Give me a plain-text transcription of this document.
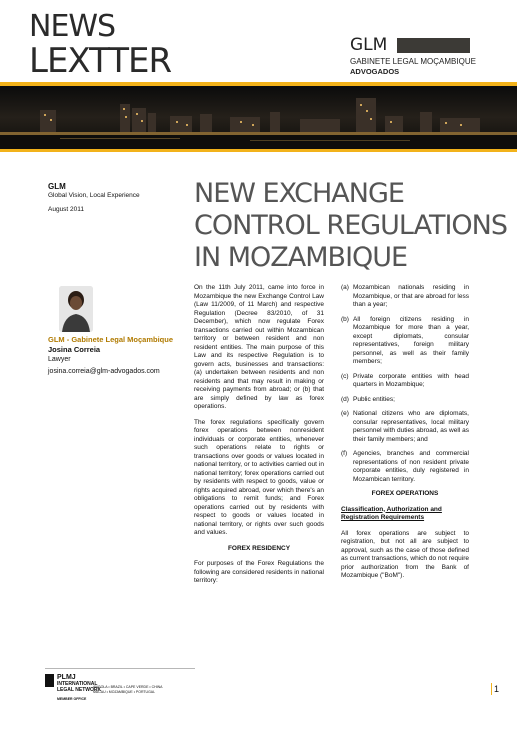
NEWS
LEXTTER	GLM
GABINETE LEGAL MOÇAMBIQUE
ADVOGADOS
GLM
Global Vision, Local Experience
August 2011
NEW EXCHANGE CONTROL REGULATIONS IN MOZAMBIQUE
GLM - Gabinete Legal Moçambique
Josina Correia
Lawyer
josina.correia@glm-advogados.com

On the 11th July 2011, came into force in Mozambique the new Exchange Control Law (Law 11/2009, of 11 March) and respective Regulation (Decree 83/2010, of 31 December), which now regulate Forex transactions carried out within Mozambican territory or between resident and non resident entities. The main purpose of this Law and its respective Regulation is to govern acts, businesses and transactions: (a) undertaken between residents and non residents and that may result in making or receiving payments from abroad; or (b) that are simply defined by law as forex operations.

The forex regulations specifically govern forex operations between nonresident individuals or corporate entities, whenever such operations relate to rights or transactions over goods or values located in national territory, or to activities carried out in national territory; forex operations carried out by residents with respect to goods, value or rights acquired abroad, over which there's an obligations to remit funds; and Forex operations carried out by residents with respect to goods or values located in national territory, or rights over such goods and values.

FOREX RESIDENCY

For purposes of the Forex Regulations the following are considered residents in national territory:

(a) Mozambican nationals residing in Mozambique, or that are abroad for less than a year;
(b) All foreign citizens residing in Mozambique for more than a year, except diplomats, consular representatives, foreign military personnel, as well as their family members;
(c) Private corporate entities with head quarters in Mozambique;
(d) Public entities;
(e) National citizens who are diplomats, consular representatives, local military personnel with duties abroad, as well as their family members; and
(f) Agencies, branches and commercial representations of non resident private corporate entities, duly registered in Mozambican territory.

FOREX OPERATIONS

Classification, Authorization and Registration Requirements

All forex operations are subject to registration, but not all are subject to approval, such as the case of those defined as current transactions, which do not require prior authorization from the Bank of Mozambique ("BoM").

PLMJ
INTERNATIONAL
LEGAL NETWORK
MEMBER OFFICE
ANGOLA • BRAZIL • CAPE VERDE • CHINA
MACAU • MOZAMBIQUE • PORTUGAL	1
